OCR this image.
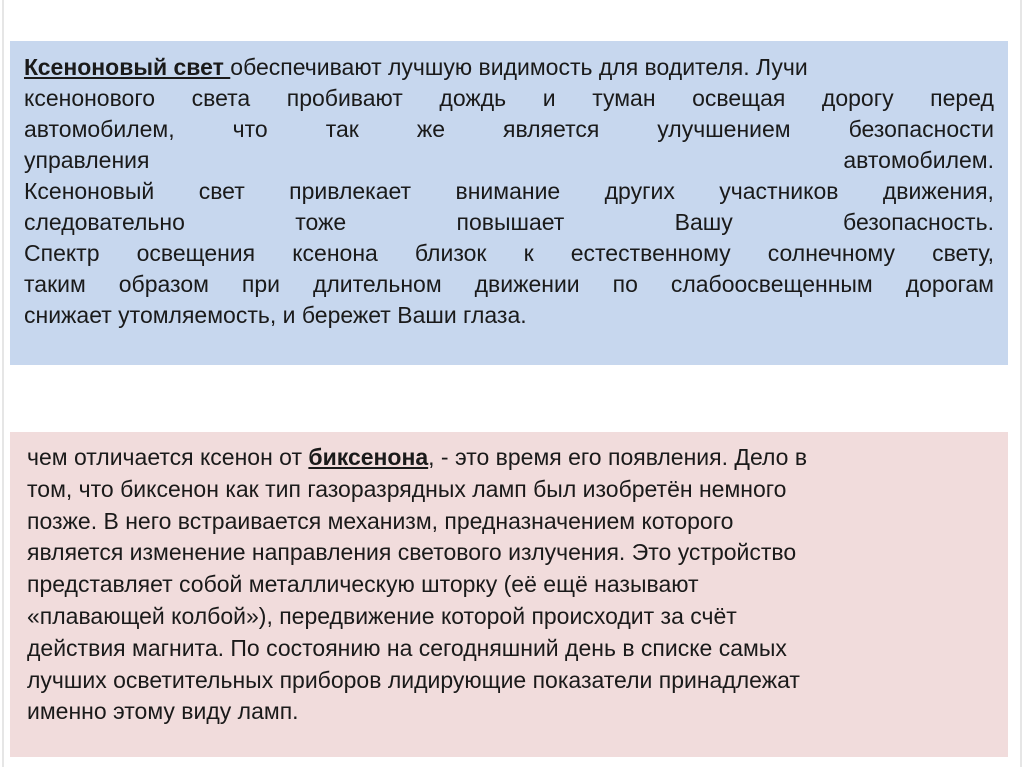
Ксеноновый свет обеспечивают лучшую видимость для водителя. Лучи
ксенонового света пробивают дождь и туман освещая дорогу перед
автомобилем,	что	так	же	является	улучшением	безопасности
управления	автомобилем.
Ксеноновый свет привлекает внимание других участников движения,
следовательно	тоже	повышает	Вашу	безопасность.
Спектр освещения ксенона близок к естественному солнечному свету,
таким образом при длительном движении по слабоосвещенным дорогам
снижает утомляемость, и бережет Ваши глаза.
чем отличается ксенон от биксенона, - это время его появления. Дело в
том, что биксенон как тип газоразрядных ламп был изобретён немного
позже. В него встраивается механизм, предназначением которого
является изменение направления светового излучения. Это устройство
представляет собой металлическую шторку (её ещё называют
«плавающей колбой»), передвижение которой происходит за счёт
действия магнита. По состоянию на сегодняшний день в списке самых
лучших осветительных приборов лидирующие показатели принадлежат
именно этому виду ламп.
